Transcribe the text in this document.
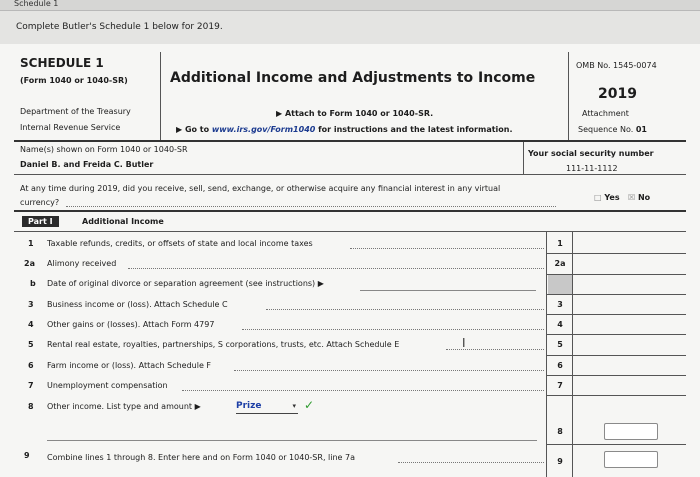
Schedule 1
Complete Butler's Schedule 1 below for 2019.
SCHEDULE 1
(Form 1040 or 1040-SR)	Additional Income and Adjustments to Income
OMB No. 1545-0074
2019
Department of the Treasury
Internal Revenue Service
▶ Attach to Form 1040 or 1040-SR.
▶ Go to www.irs.gov/Form1040 for instructions and the latest information.
Attachment
Sequence No. 01
Name(s) shown on Form 1040 or 1040-SR
Daniel B. and Freida C. Butler
Your social security number
111-11-1112
At any time during 2019, did you receive, sell, send, exchange, or otherwise acquire any financial interest in any virtual
currency?
□ Yes ☒ No
Part I	Additional Income
1 Taxable refunds, credits, or offsets of state and local income taxes
2a Alimony received
b Date of original divorce or separation agreement (see instructions) ▶
3 Business income or (loss). Attach Schedule C
4 Other gains or (losses). Attach Form 4797
5 Rental real estate, royalties, partnerships, S corporations, trusts, etc. Attach Schedule E	I
6 Farm income or (loss). Attach Schedule F
7 Unemployment compensation
8 Other income. List type and amount ▶	Prize	▾ ✓
9 Combine lines 1 through 8. Enter here and on Form 1040 or 1040-SR, line 7a
1
2a
3
4
5
6
7
8
9
